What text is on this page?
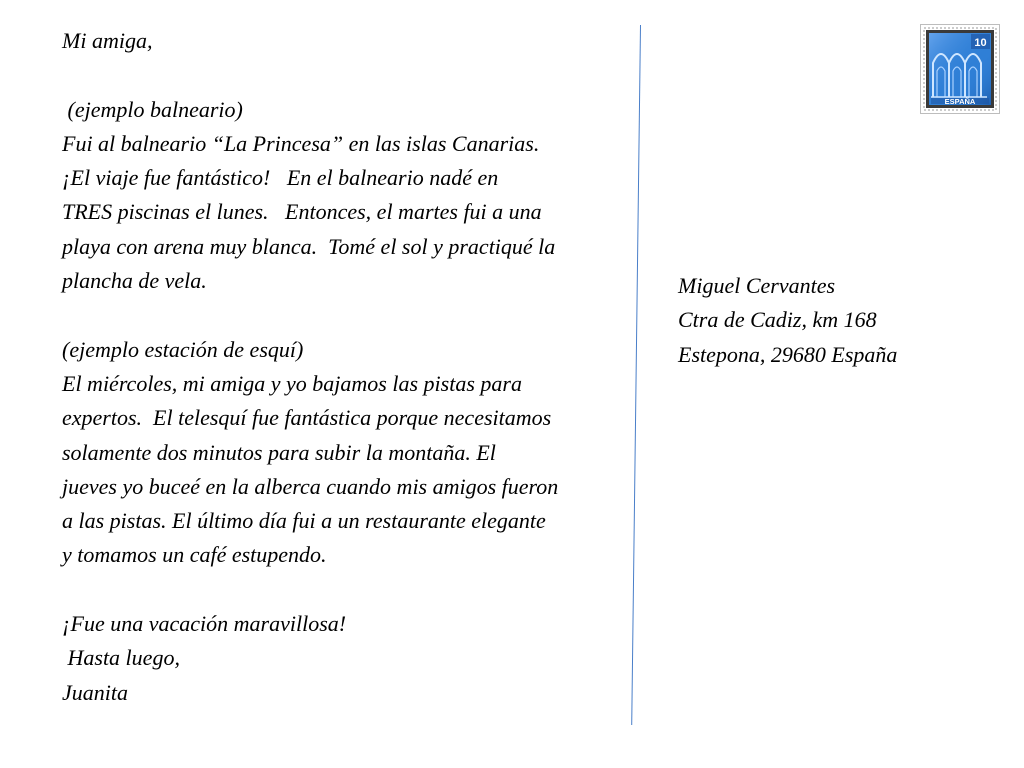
Mi amiga,

(ejemplo balneario)

Fui al balneario “La Princesa” en las islas Canarias.

¡El viaje fue fantástico!   En el balneario nadé en

TRES piscinas el lunes.   Entonces, el martes fui a una

playa con arena muy blanca.  Tomé el sol y practiqué la

plancha de vela.

(ejemplo estación de esquí)

El miércoles, mi amiga y yo bajamos las pistas para

expertos.  El telesquí fue fantástica porque necesitamos

solamente dos minutos para subir la montaña. El

jueves yo buceé en la alberca cuando mis amigos fueron

a las pistas. El último día fui a un restaurante elegante

y tomamos un café estupendo.

¡Fue una vacación maravillosa!

Hasta luego,

Juanita

Miguel Cervantes
Ctra de Cadiz, km 168
Estepona, 29680 España
10
ESPAÑA
